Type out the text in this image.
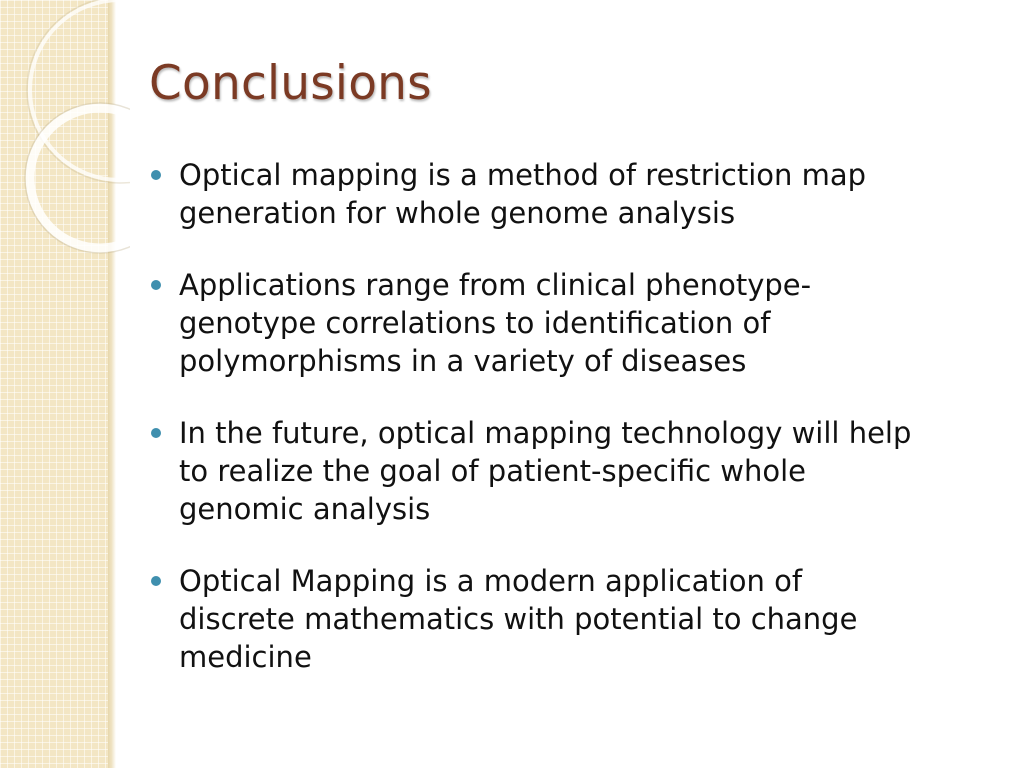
Conclusions
Optical mapping is a method of restriction map
generation for whole genome analysis
Applications range from clinical phenotype-
genotype correlations to identification of
polymorphisms in a variety of diseases
In the future, optical mapping technology will help
to realize the goal of patient-specific whole
genomic analysis
Optical Mapping is a modern application of
discrete mathematics with potential to change
medicine
